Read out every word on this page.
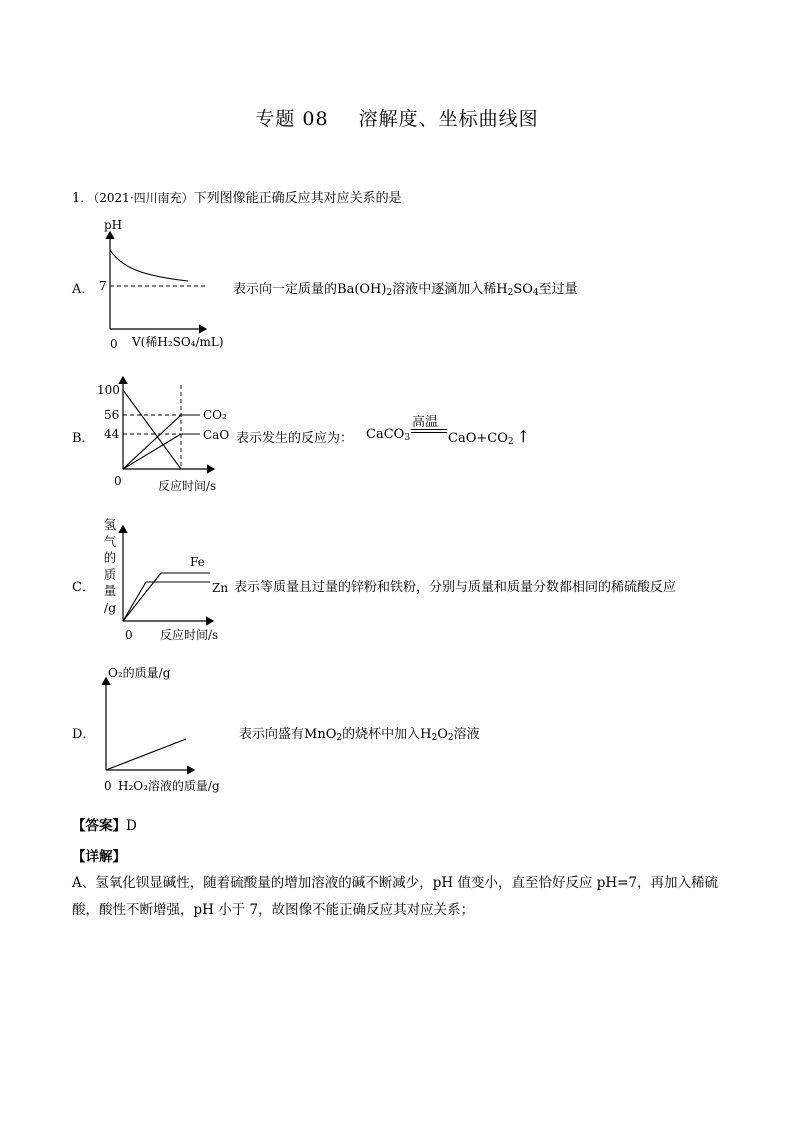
专题 08 溶解度、坐标曲线图
1．（2021·四川南充）下列图像能正确反应其对应关系的是
A．
pH
7
0 V(稀H₂SO₄/mL)
表示向一定质量的$Ba(OH)_2$溶液中逐滴加入稀$H_2SO_4$至过量
B．
100
56
44
0	反应时间/s
CO₂
CaO 表示发生的反应为： CaCO$_3$
高温
$CaO+CO_2$ ↑
C．
氢
气
的
质
量
/g
0 反应时间/s
Fe
Zn 表示等质量且过量的锌粉和铁粉，分别与质量和质量分数都相同的稀硫酸反应
D．
O₂的质量/g
0 H₂O₂溶液的质量/g
表示向盛有MnO$_2$的烧杯中加入$H_2O_2$溶液
【答案】D
【详解】
A、氢氧化钡显碱性，随着硫酸量的增加溶液的碱不断减少，pH 值变小，直至恰好反应 pH=7，再加入稀硫酸，酸性不断增强，pH 小于 7，故图像不能正确反应其对应关系；
